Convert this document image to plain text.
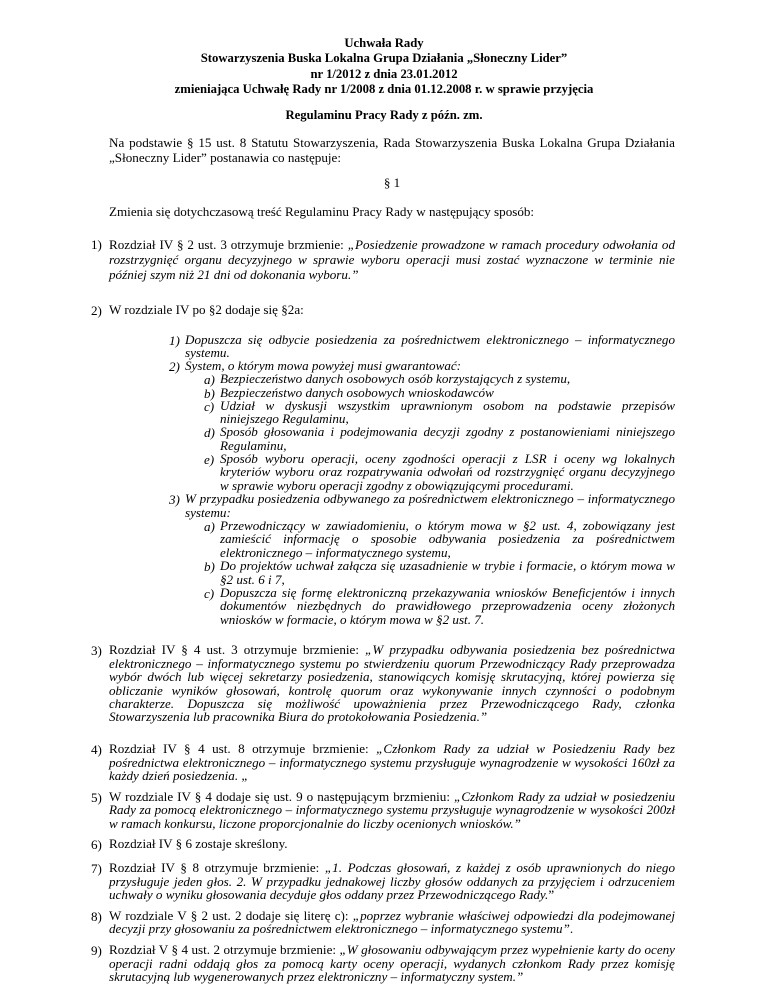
Uchwała Rady
Stowarzyszenia Buska Lokalna Grupa Działania „Słoneczny Lider”
nr 1/2012 z dnia 23.01.2012
zmieniająca Uchwałę Rady nr 1/2008 z dnia 01.12.2008 r. w sprawie przyjęcia
Regulaminu Pracy Rady z późn. zm.
Na podstawie § 15 ust. 8 Statutu Stowarzyszenia, Rada Stowarzyszenia Buska Lokalna Grupa Działania „Słoneczny Lider” postanawia co następuje:
§ 1
Zmienia się dotychczasową treść Regulaminu Pracy Rady w następujący sposób:
1) Rozdział IV § 2 ust. 3 otrzymuje brzmienie: „Posiedzenie prowadzone w ramach procedury odwołania od rozstrzygnięć organu decyzyjnego w sprawie wyboru operacji musi zostać wyznaczone w terminie nie później szym niż 21 dni od dokonania wyboru.”
2) W rozdziale IV po §2 dodaje się §2a:
1) Dopuszcza się odbycie posiedzenia za pośrednictwem elektronicznego – informatycznego systemu.
2) System, o którym mowa powyżej musi gwarantować:
a) Bezpieczeństwo danych osobowych osób korzystających z systemu,
b) Bezpieczeństwo danych osobowych wnioskodawców
c) Udział w dyskusji wszystkim uprawnionym osobom na podstawie przepisów niniejszego Regulaminu,
d) Sposób głosowania i podejmowania decyzji zgodny z postanowieniami niniejszego Regulaminu,
e) Sposób wyboru operacji, oceny zgodności operacji z LSR i oceny wg lokalnych kryteriów wyboru oraz rozpatrywania odwołań od rozstrzygnięć organu decyzyjnego w sprawie wyboru operacji zgodny z obowiązującymi procedurami.
3) W przypadku posiedzenia odbywanego za pośrednictwem elektronicznego – informatycznego systemu:
a) Przewodniczący w zawiadomieniu, o którym mowa w §2 ust. 4, zobowiązany jest zamieścić informację o sposobie odbywania posiedzenia za pośrednictwem elektronicznego – informatycznego systemu,
b) Do projektów uchwał załącza się uzasadnienie w trybie i formacie, o którym mowa w §2 ust. 6 i 7,
c) Dopuszcza się formę elektroniczną przekazywania wniosków Beneficjentów i innych dokumentów niezbędnych do prawidłowego przeprowadzenia oceny złożonych wniosków w formacie, o którym mowa w §2 ust. 7.
3) Rozdział IV § 4 ust. 3 otrzymuje brzmienie: „W przypadku odbywania posiedzenia bez pośrednictwa elektronicznego – informatycznego systemu po stwierdzeniu quorum Przewodniczący Rady przeprowadza wybór dwóch lub więcej sekretarzy posiedzenia, stanowiących komisję skrutacyjną, której powierza się obliczanie wyników głosowań, kontrolę quorum oraz wykonywanie innych czynności o podobnym charakterze. Dopuszcza się możliwość upoważnienia przez Przewodniczącego Rady, członka Stowarzyszenia lub pracownika Biura do protokołowania Posiedzenia.”
4) Rozdział IV § 4 ust. 8 otrzymuje brzmienie: „Członkom Rady za udział w Posiedzeniu Rady bez pośrednictwa elektronicznego – informatycznego systemu przysługuje wynagrodzenie w wysokości 160zł za każdy dzień posiedzenia. „
5) W rozdziale IV § 4 dodaje się ust. 9 o następującym brzmieniu: „Członkom Rady za udział w posiedzeniu Rady za pomocą elektronicznego – informatycznego systemu przysługuje wynagrodzenie w wysokości 200zł w ramach konkursu, liczone proporcjonalnie do liczby ocenionych wniosków.”
6) Rozdział IV § 6 zostaje skreślony.
7) Rozdział IV § 8 otrzymuje brzmienie: „1. Podczas głosowań, z każdej z osób uprawnionych do niego przysługuje jeden głos. 2. W przypadku jednakowej liczby głosów oddanych za przyjęciem i odrzuceniem uchwały o wyniku głosowania decyduje głos oddany przez Przewodniczącego Rady.”
8) W rozdziale V § 2 ust. 2 dodaje się literę c): „poprzez wybranie właściwej odpowiedzi dla podejmowanej decyzji przy głosowaniu za pośrednictwem elektronicznego – informatycznego systemu”.
9) Rozdział V § 4 ust. 2 otrzymuje brzmienie: „W głosowaniu odbywającym przez wypełnienie karty do oceny operacji radni oddają głos za pomocą karty oceny operacji, wydanych członkom Rady przez komisję skrutacyjną lub wygenerowanych przez elektroniczny – informatyczny system.”
